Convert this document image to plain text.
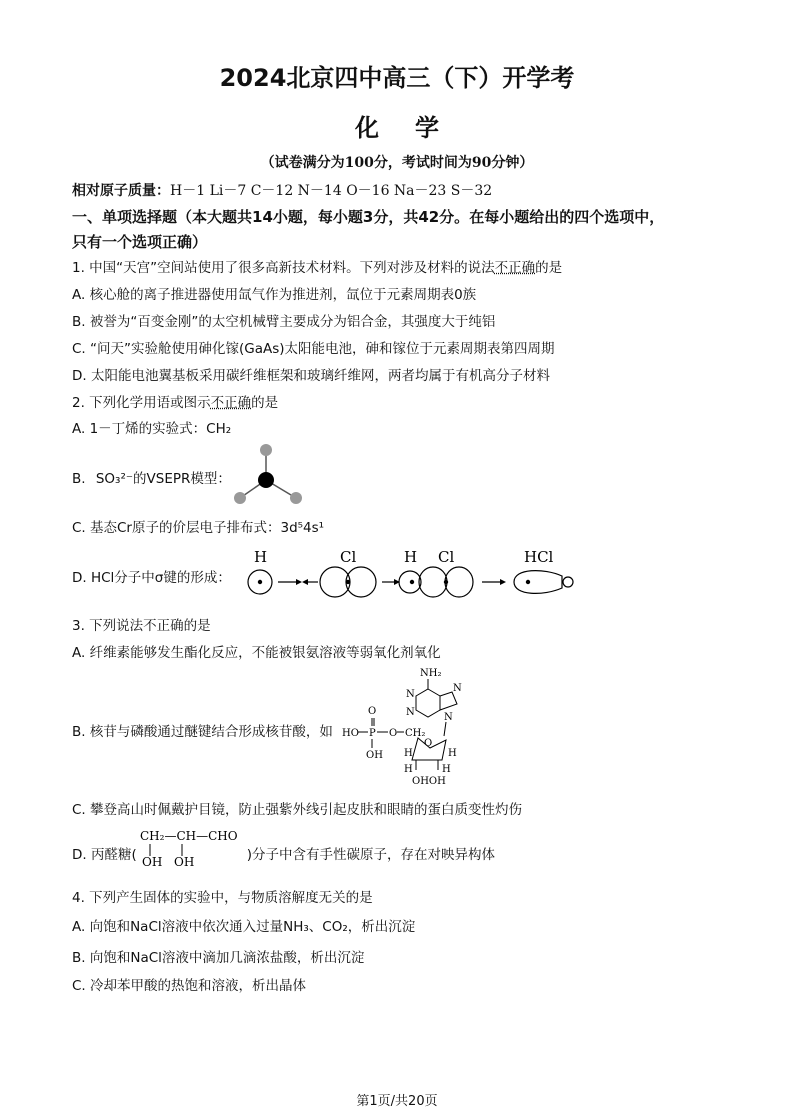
2024北京四中高三（下）开学考
化学
（试卷满分为100分，考试时间为90分钟）
相对原子质量：H－1 Li－7 C－12 N－14 O－16 Na－23 S－32
一、单项选择题（本大题共14小题，每小题3分，共42分。在每小题给出的四个选项中，
只有一个选项正确）
1. 中国“天宫”空间站使用了很多高新技术材料。下列对涉及材料的说法不正确的是
A. 核心舱的离子推进器使用氙气作为推进剂，氙位于元素周期表0族
B. 被誉为“百变金刚”的太空机械臂主要成分为铝合金，其强度大于纯铝
C. “问天”实验舱使用砷化镓(GaAs)太阳能电池，砷和镓位于元素周期表第四周期
D. 太阳能电池翼基板采用碳纤维框架和玻璃纤维网，两者均属于有机高分子材料
2. 下列化学用语或图示不正确的是
A. 1－丁烯的实验式：CH₂
B. SO₃²⁻的VSEPR模型：
C. 基态Cr原子的价层电子排布式：3d⁵4s¹
D. HCl分子中σ键的形成：
H	Cl	H Cl	HCl
3. 下列说法不正确的是
A. 纤维素能够发生酯化反应，不能被银氨溶液等弱氧化剂氧化
B. 核苷与磷酸通过醚键结合形成核苷酸，如
NH₂
N
N
N
N
O
HO P O CH₂
OH
O
H	H
H	H
OHOH
C. 攀登高山时佩戴护目镜，防止强紫外线引起皮肤和眼睛的蛋白质变性灼伤
D. 丙醛糖(	)分子中含有手性碳原子，存在对映异构体
CH₂—CH—CHO
OH OH
4. 下列产生固体的实验中，与物质溶解度无关的是
A. 向饱和NaCl溶液中依次通入过量NH₃、CO₂，析出沉淀
B. 向饱和NaCl溶液中滴加几滴浓盐酸，析出沉淀
C. 冷却苯甲酸的热饱和溶液，析出晶体
第1页/共20页
